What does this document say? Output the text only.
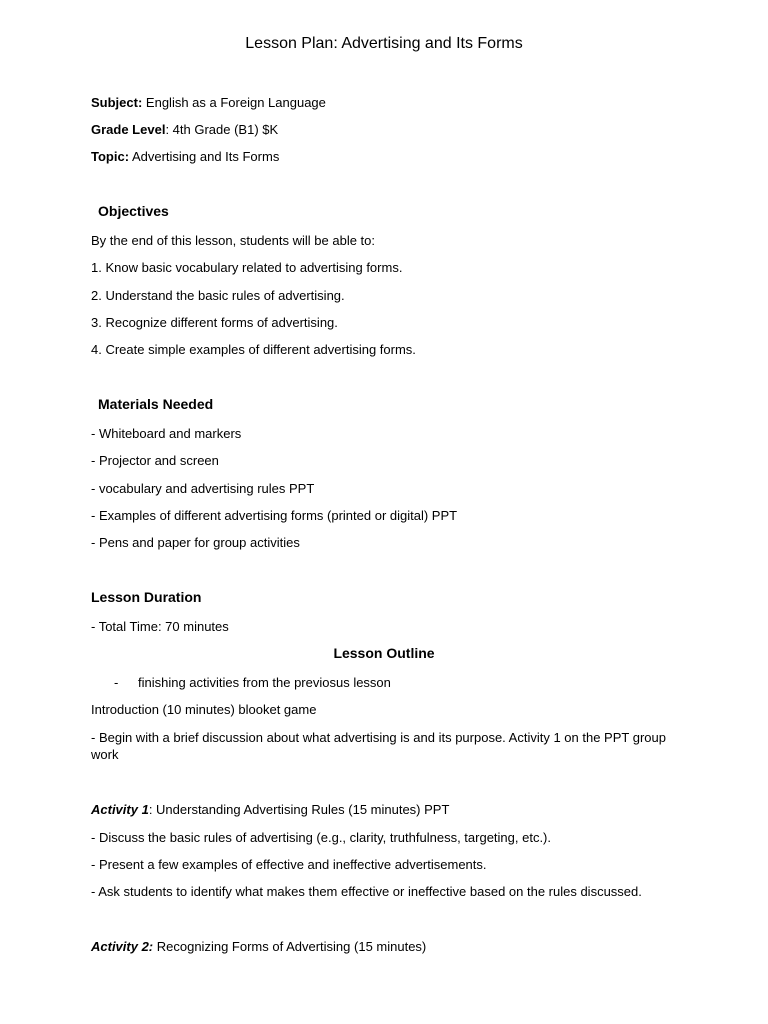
Lesson Plan: Advertising and Its Forms
Subject: English as a Foreign Language
Grade Level: 4th Grade (B1) $K
Topic: Advertising and Its Forms
Objectives
By the end of this lesson, students will be able to:
1. Know basic vocabulary related to advertising forms.
2. Understand the basic rules of advertising.
3. Recognize different forms of advertising.
4. Create simple examples of different advertising forms.
Materials Needed
- Whiteboard and markers
- Projector and screen
- vocabulary and advertising rules PPT
- Examples of different advertising forms (printed or digital) PPT
- Pens and paper for group activities
Lesson Duration
- Total Time: 70 minutes
Lesson Outline
- finishing activities from the previosus lesson
Introduction (10 minutes) blooket game
- Begin with a brief discussion about what advertising is and its purpose. Activity 1 on the PPT group work
Activity 1: Understanding Advertising Rules (15 minutes) PPT
- Discuss the basic rules of advertising (e.g., clarity, truthfulness, targeting, etc.).
- Present a few examples of effective and ineffective advertisements.
- Ask students to identify what makes them effective or ineffective based on the rules discussed.
Activity 2: Recognizing Forms of Advertising (15 minutes)
